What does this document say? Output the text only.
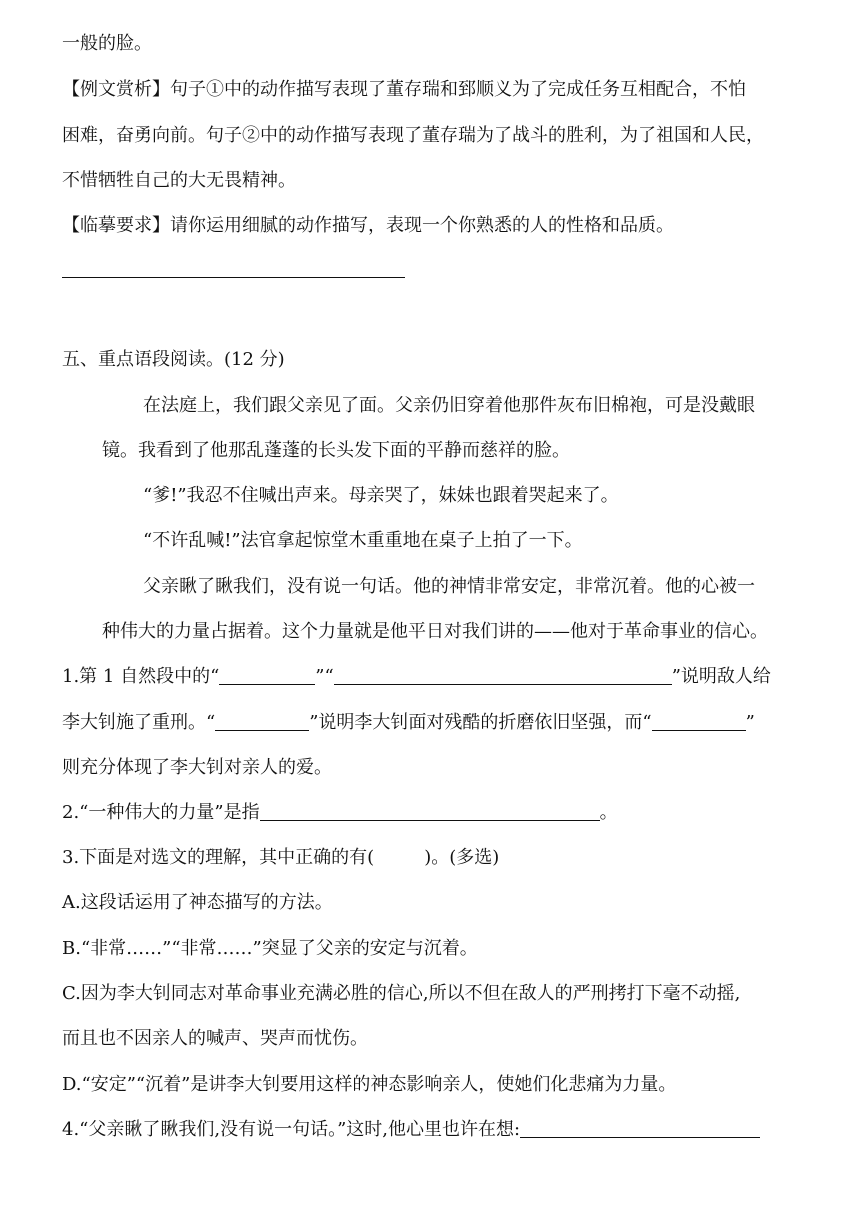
一般的脸。
【例文赏析】句子①中的动作描写表现了董存瑞和郅顺义为了完成任务互相配合，不怕
困难，奋勇向前。句子②中的动作描写表现了董存瑞为了战斗的胜利，为了祖国和人民，
不惜牺牲自己的大无畏精神。
【临摹要求】请你运用细腻的动作描写，表现一个你熟悉的人的性格和品质。
五、重点语段阅读。(12 分)
在法庭上，我们跟父亲见了面。父亲仍旧穿着他那件灰布旧棉袍，可是没戴眼
镜。我看到了他那乱蓬蓬的长头发下面的平静而慈祥的脸。
“爹!”我忍不住喊出声来。母亲哭了，妹妹也跟着哭起来了。
“不许乱喊!”法官拿起惊堂木重重地在桌子上拍了一下。
父亲瞅了瞅我们，没有说一句话。他的神情非常安定，非常沉着。他的心被一
种伟大的力量占据着。这个力量就是他平日对我们讲的——他对于革命事业的信心。
1.第 1 自然段中的“	”“	”说明敌人给
李大钊施了重刑。“	”说明李大钊面对残酷的折磨依旧坚强，而“	”
则充分体现了李大钊对亲人的爱。
2.“一种伟大的力量”是指	。
3.下面是对选文的理解，其中正确的有(	)。(多选)
A.这段话运用了神态描写的方法。
B.“非常……”“非常……”突显了父亲的安定与沉着。
C.因为李大钊同志对革命事业充满必胜的信心,所以不但在敌人的严刑拷打下毫不动摇,
而且也不因亲人的喊声、哭声而忧伤。
D.“安定”“沉着”是讲李大钊要用这样的神态影响亲人，使她们化悲痛为力量。
4.“父亲瞅了瞅我们,没有说一句话。”这时,他心里也许在想:
